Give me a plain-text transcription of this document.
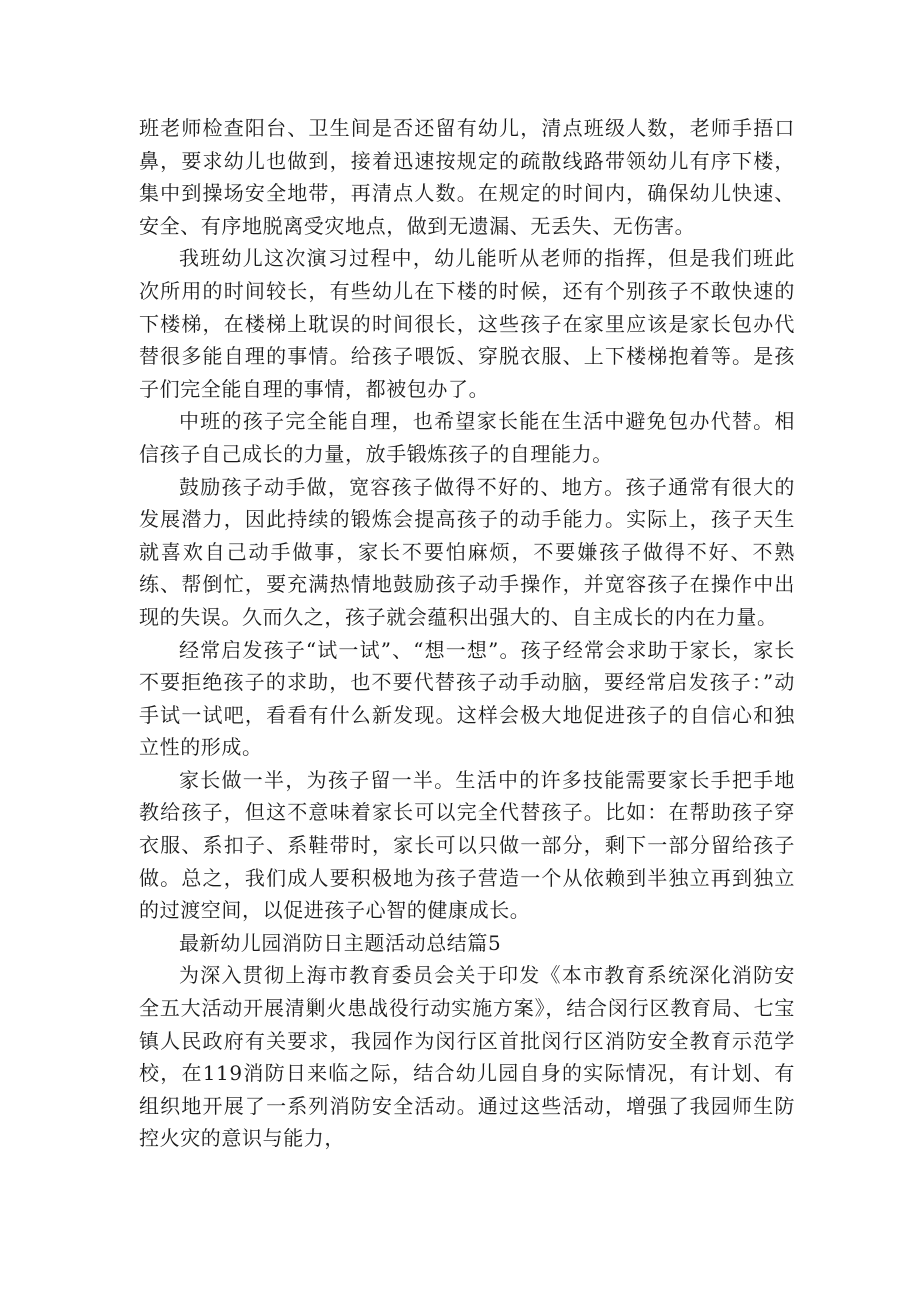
班老师检查阳台、卫生间是否还留有幼儿，清点班级人数，老师手捂口鼻，要求幼儿也做到，接着迅速按规定的疏散线路带领幼儿有序下楼，集中到操场安全地带，再清点人数。在规定的时间内，确保幼儿快速、安全、有序地脱离受灾地点，做到无遗漏、无丢失、无伤害。

我班幼儿这次演习过程中，幼儿能听从老师的指挥，但是我们班此次所用的时间较长，有些幼儿在下楼的时候，还有个别孩子不敢快速的下楼梯，在楼梯上耽误的时间很长，这些孩子在家里应该是家长包办代替很多能自理的事情。给孩子喂饭、穿脱衣服、上下楼梯抱着等。是孩子们完全能自理的事情，都被包办了。

中班的孩子完全能自理，也希望家长能在生活中避免包办代替。相信孩子自己成长的力量，放手锻炼孩子的自理能力。

鼓励孩子动手做，宽容孩子做得不好的、地方。孩子通常有很大的发展潜力，因此持续的锻炼会提高孩子的动手能力。实际上，孩子天生就喜欢自己动手做事，家长不要怕麻烦，不要嫌孩子做得不好、不熟练、帮倒忙，要充满热情地鼓励孩子动手操作，并宽容孩子在操作中出现的失误。久而久之，孩子就会蕴积出强大的、自主成长的内在力量。

经常启发孩子“试一试”、“想一想”。孩子经常会求助于家长，家长不要拒绝孩子的求助，也不要代替孩子动手动脑，要经常启发孩子：”动手试一试吧，看看有什么新发现。这样会极大地促进孩子的自信心和独立性的形成。

家长做一半，为孩子留一半。生活中的许多技能需要家长手把手地教给孩子，但这不意味着家长可以完全代替孩子。比如：在帮助孩子穿衣服、系扣子、系鞋带时，家长可以只做一部分，剩下一部分留给孩子做。总之，我们成人要积极地为孩子营造一个从依赖到半独立再到独立的过渡空间，以促进孩子心智的健康成长。

最新幼儿园消防日主题活动总结篇5

为深入贯彻上海市教育委员会关于印发《本市教育系统深化消防安全五大活动开展清剿火患战役行动实施方案》，结合闵行区教育局、七宝镇人民政府有关要求，我园作为闵行区首批闵行区消防安全教育示范学校，在119消防日来临之际，结合幼儿园自身的实际情况，有计划、有组织地开展了一系列消防安全活动。通过这些活动，增强了我园师生防控火灾的意识与能力，
